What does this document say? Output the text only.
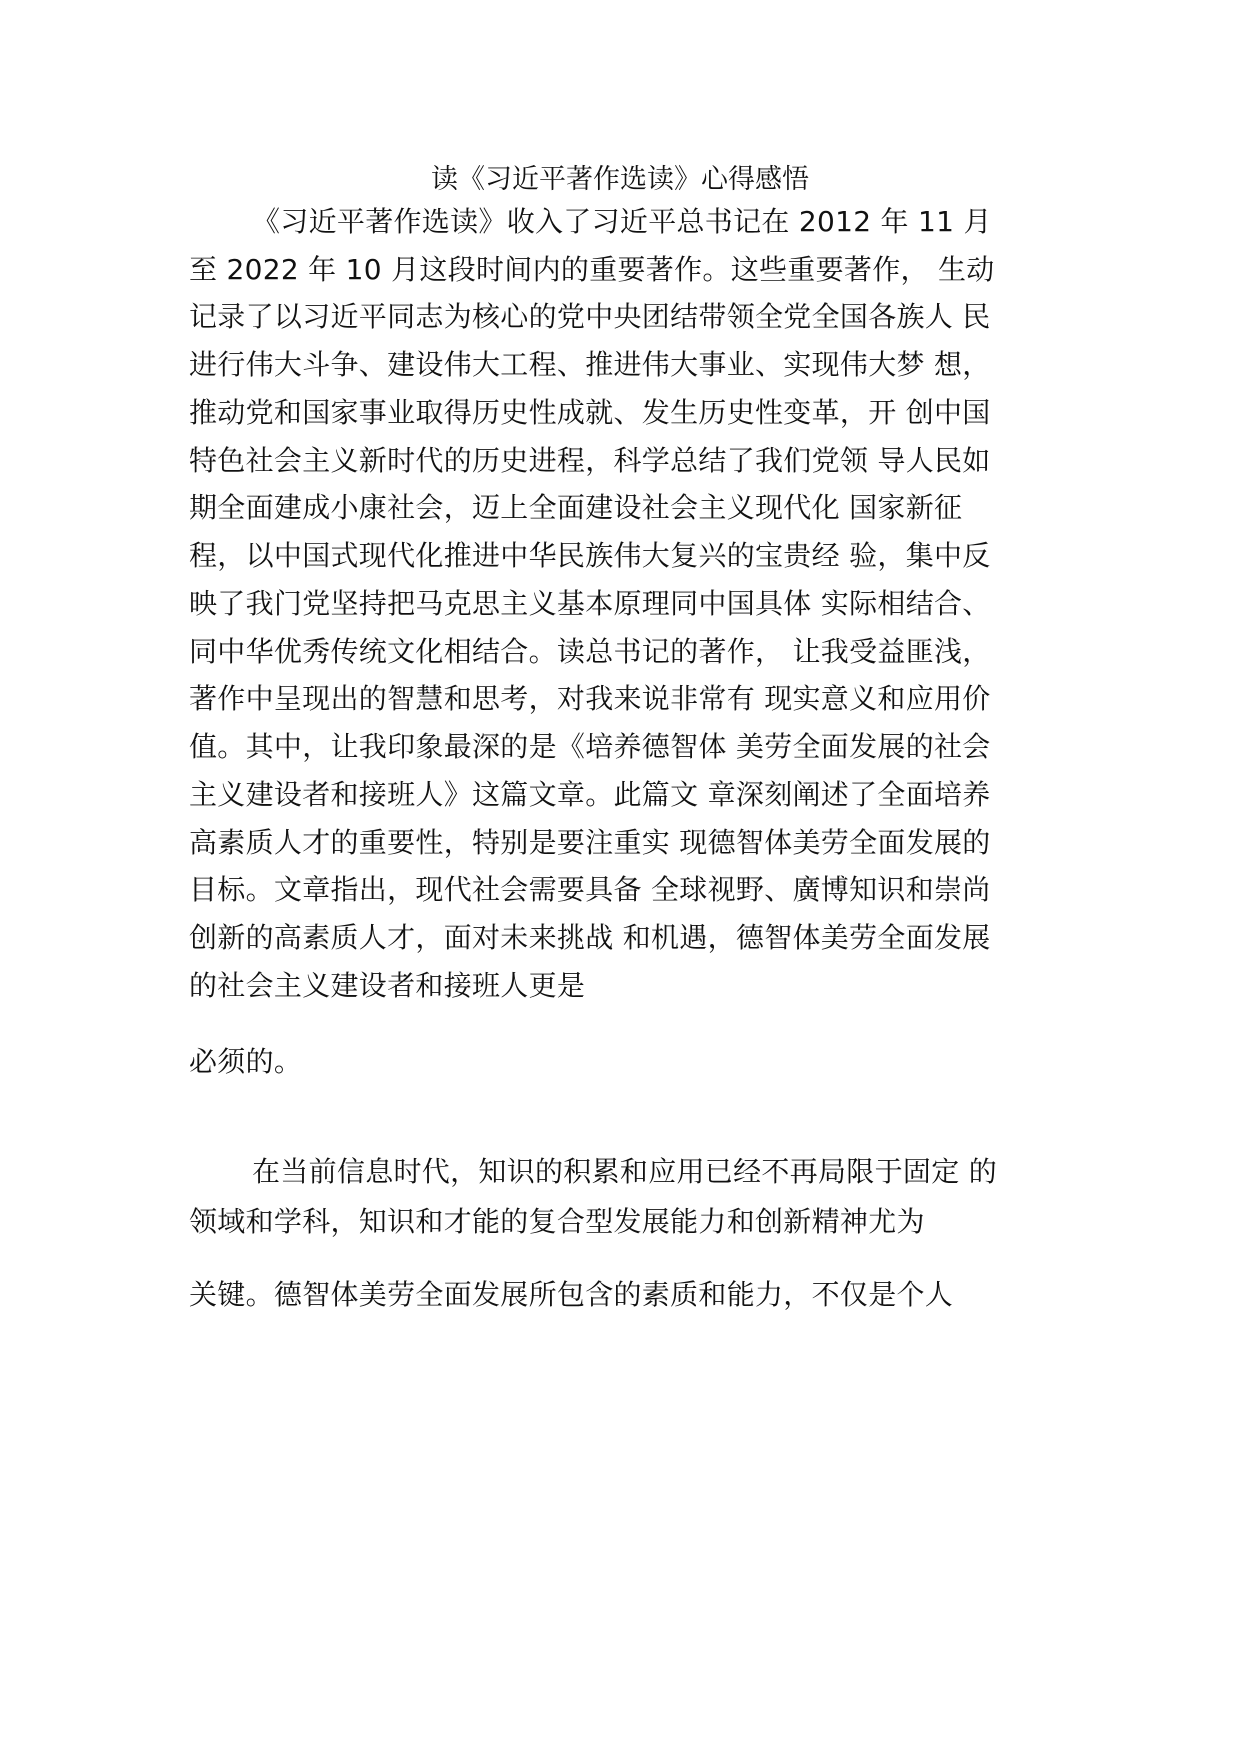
读《习近平著作选读》心得感悟
《习近平著作选读》收入了习近平总书记在 2012 年 11 月
至 2022 年 10 月这段时间内的重要著作。这些重要著作， 生动
记录了以习近平同志为核心的党中央团结带领全党全国各族人 民
进行伟大斗争、建设伟大工程、推进伟大事业、实现伟大梦 想，
推动党和国家事业取得历史性成就、发生历史性变革，开 创中国
特色社会主义新时代的历史进程，科学总结了我们党领 导人民如
期全面建成小康社会，迈上全面建设社会主义现代化 国家新征
程，以中国式现代化推进中华民族伟大复兴的宝贵经 验，集中反
映了我门党坚持把马克思主义基本原理同中国具体 实际相结合、
同中华优秀传统文化相结合。读总书记的著作， 让我受益匪浅，
著作中呈现出的智慧和思考，对我来说非常有 现实意义和应用价
值。其中，让我印象最深的是《培养德智体 美劳全面发展的社会
主义建设者和接班人》这篇文章。此篇文 章深刻阐述了全面培养
高素质人才的重要性，特别是要注重实 现德智体美劳全面发展的
目标。文章指出，现代社会需要具备 全球视野、廣博知识和崇尚
创新的高素质人才，面对未来挑战 和机遇，德智体美劳全面发展
的社会主义建设者和接班人更是
必须的。
在当前信息时代，知识的积累和应用已经不再局限于固定 的
领域和学科，知识和才能的复合型发展能力和创新精神尤为
关键。德智体美劳全面发展所包含的素质和能力，不仅是个人
